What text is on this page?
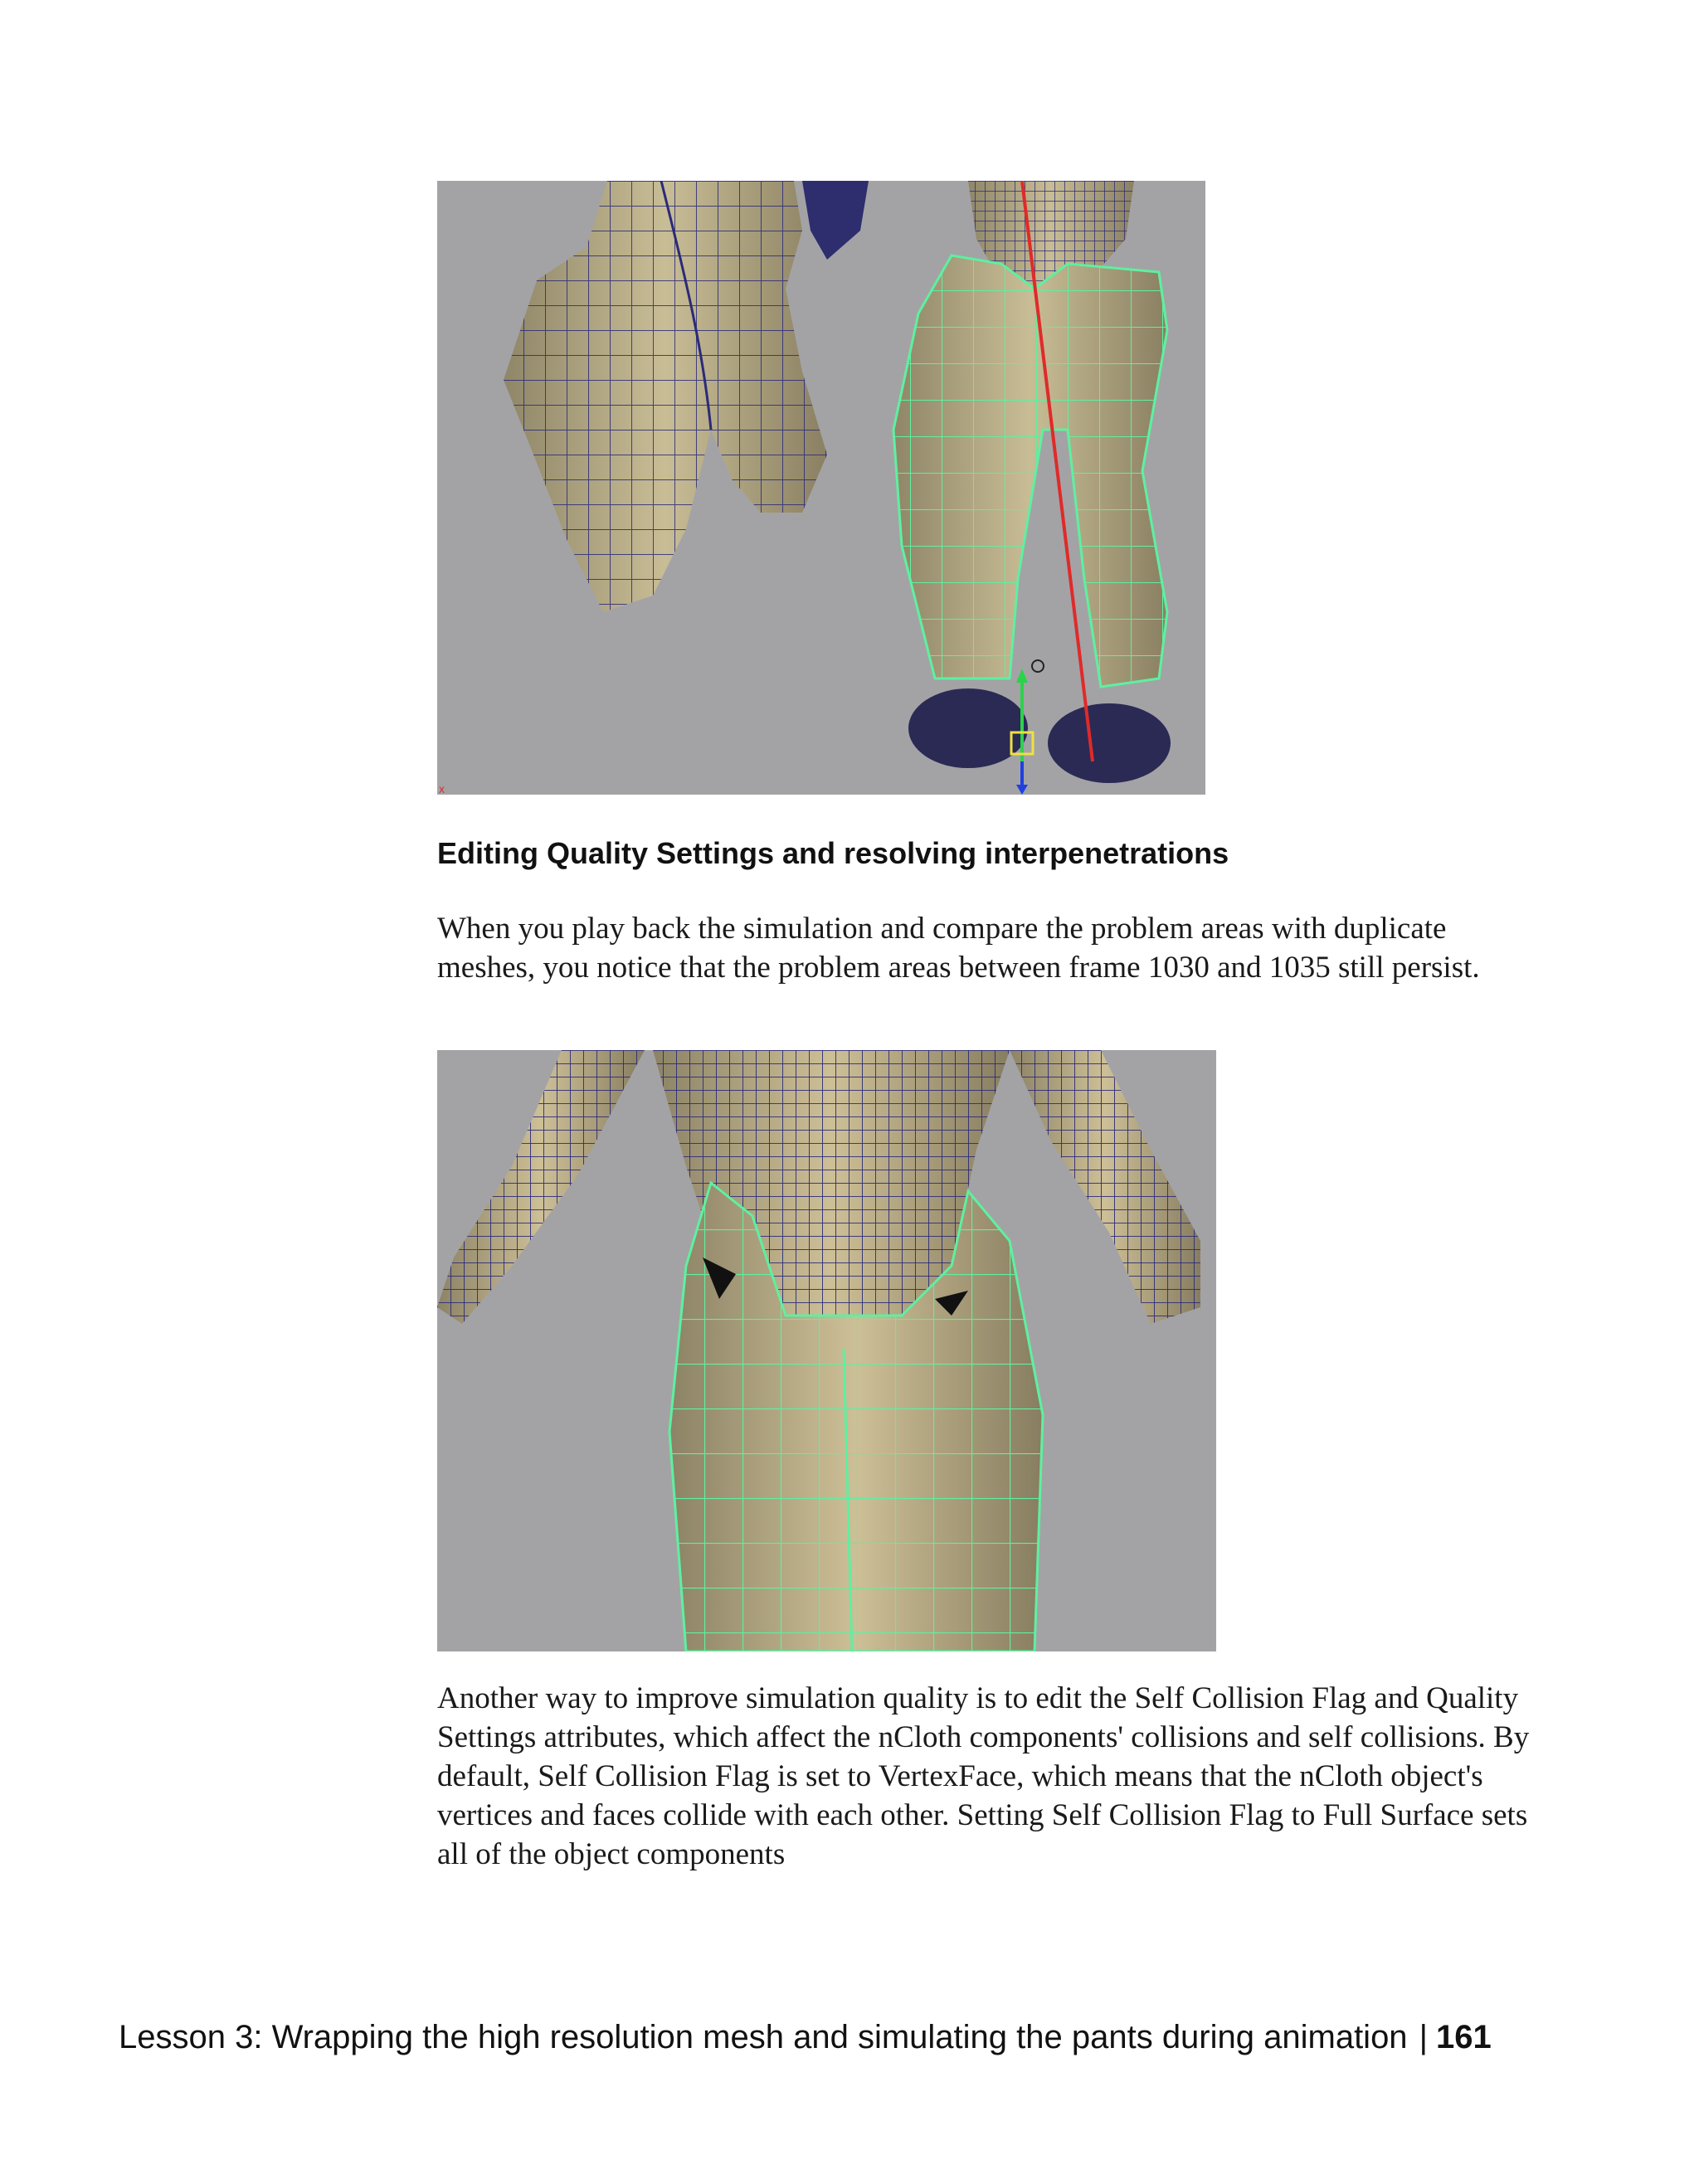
x
Editing Quality Settings and resolving interpenetrations

When you play back the simulation and compare the problem areas with duplicate meshes, you notice that the problem areas between frame 1030 and 1035 still persist.

Another way to improve simulation quality is to edit the Self Collision Flag and Quality Settings attributes, which affect the nCloth components' collisions and self collisions. By default, Self Collision Flag is set to VertexFace, which means that the nCloth object's vertices and faces collide with each other. Setting Self Collision Flag to Full Surface sets all of the object components

Lesson 3: Wrapping the high resolution mesh and simulating the pants during animation | 161
